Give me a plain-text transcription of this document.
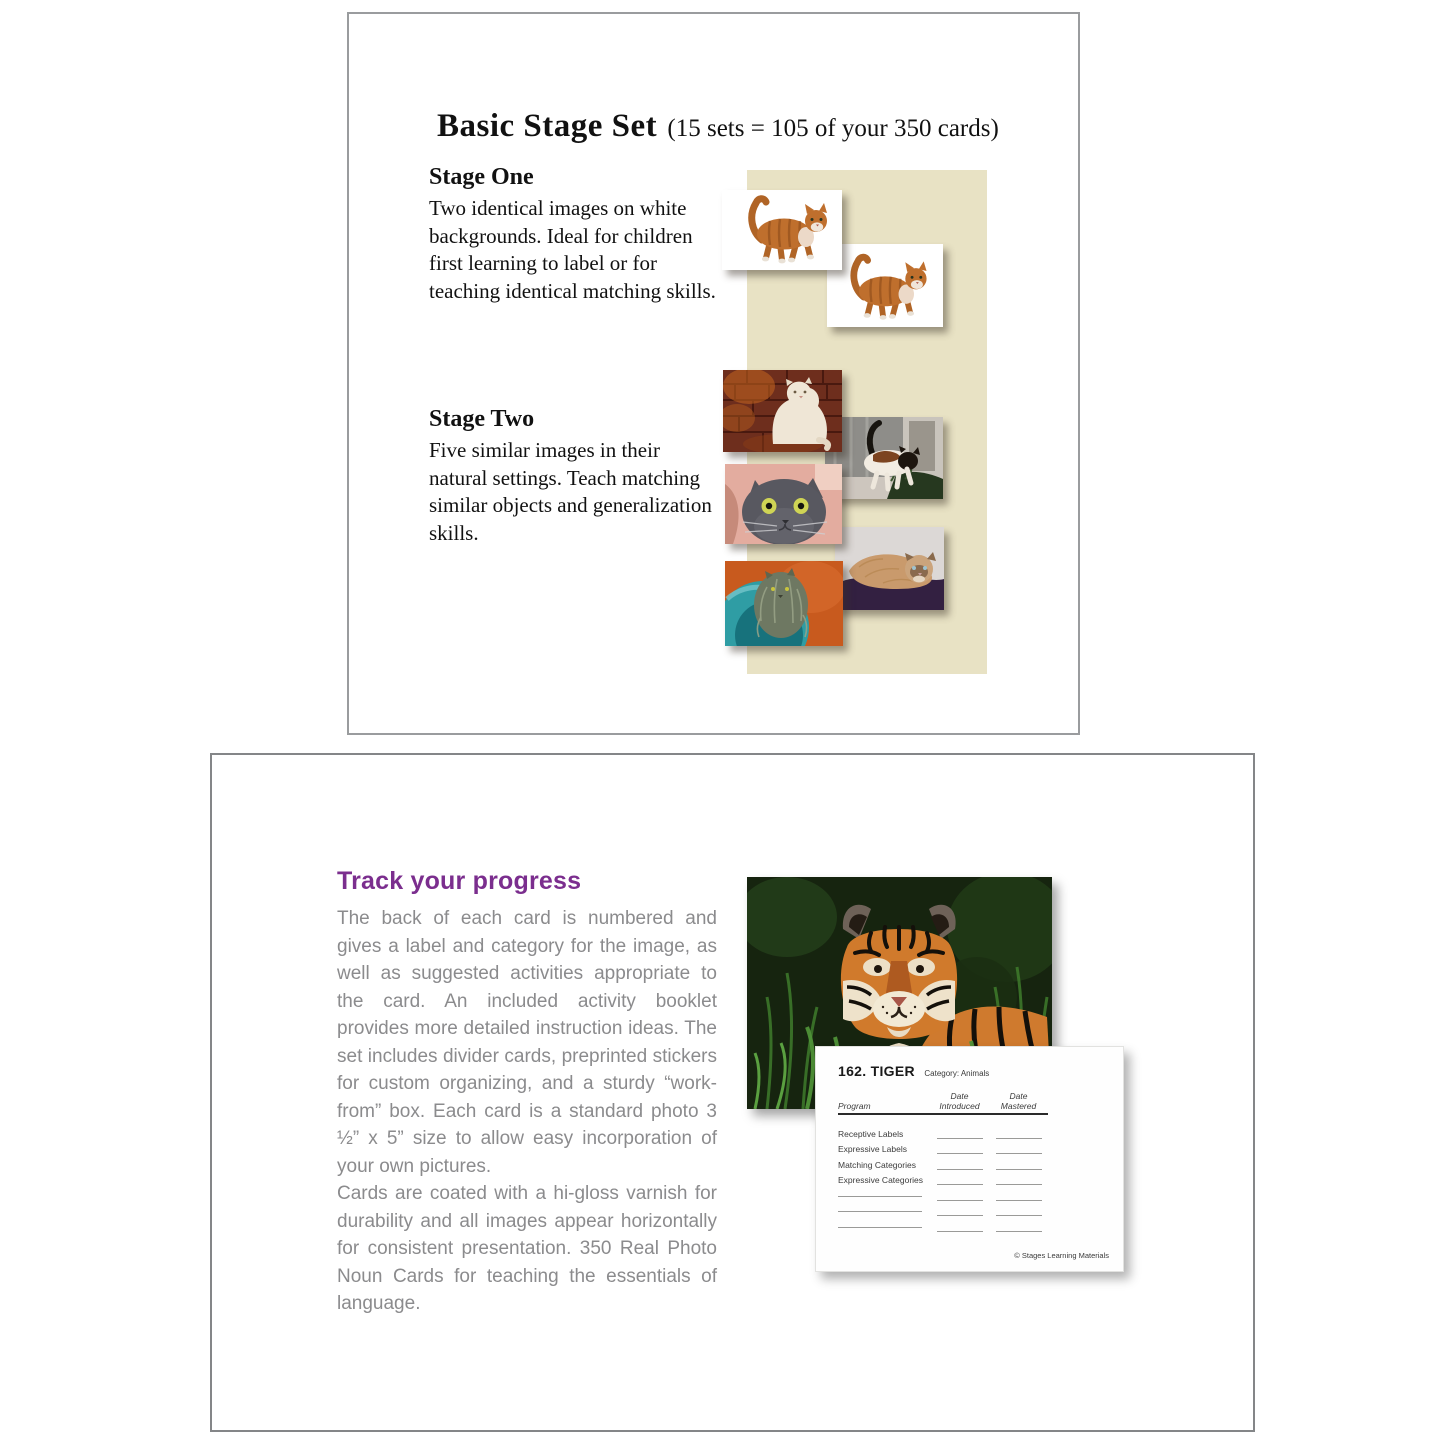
Basic Stage Set (15 sets = 105 of your 350 cards)

Stage One

Two identical images on white backgrounds. Ideal for children first learning to label or for teaching identical matching skills.

Stage Two

Five similar images in their natural settings. Teach matching similar objects and generalization skills.

Track your progress

The back of each card is numbered and gives a label and category for the image, as well as suggested activities appropriate to the card. An included activity booklet provides more detailed instruction ideas. The set includes divider cards, preprinted stickers for custom organizing, and a sturdy “work-from” box. Each card is a standard photo 3 ½” x 5” size to allow easy incorporation of your own pictures.

Cards are coated with a hi-gloss varnish for durability and all images appear horizontally for consistent presentation. 350 Real Photo Noun Cards for teaching the essentials of language.

162. TIGER Category: Animals
Program
Date
Introduced
Date
Mastered
Receptive Labels
Expressive Labels
Matching Categories
Expressive Categories
© Stages Learning Materials
